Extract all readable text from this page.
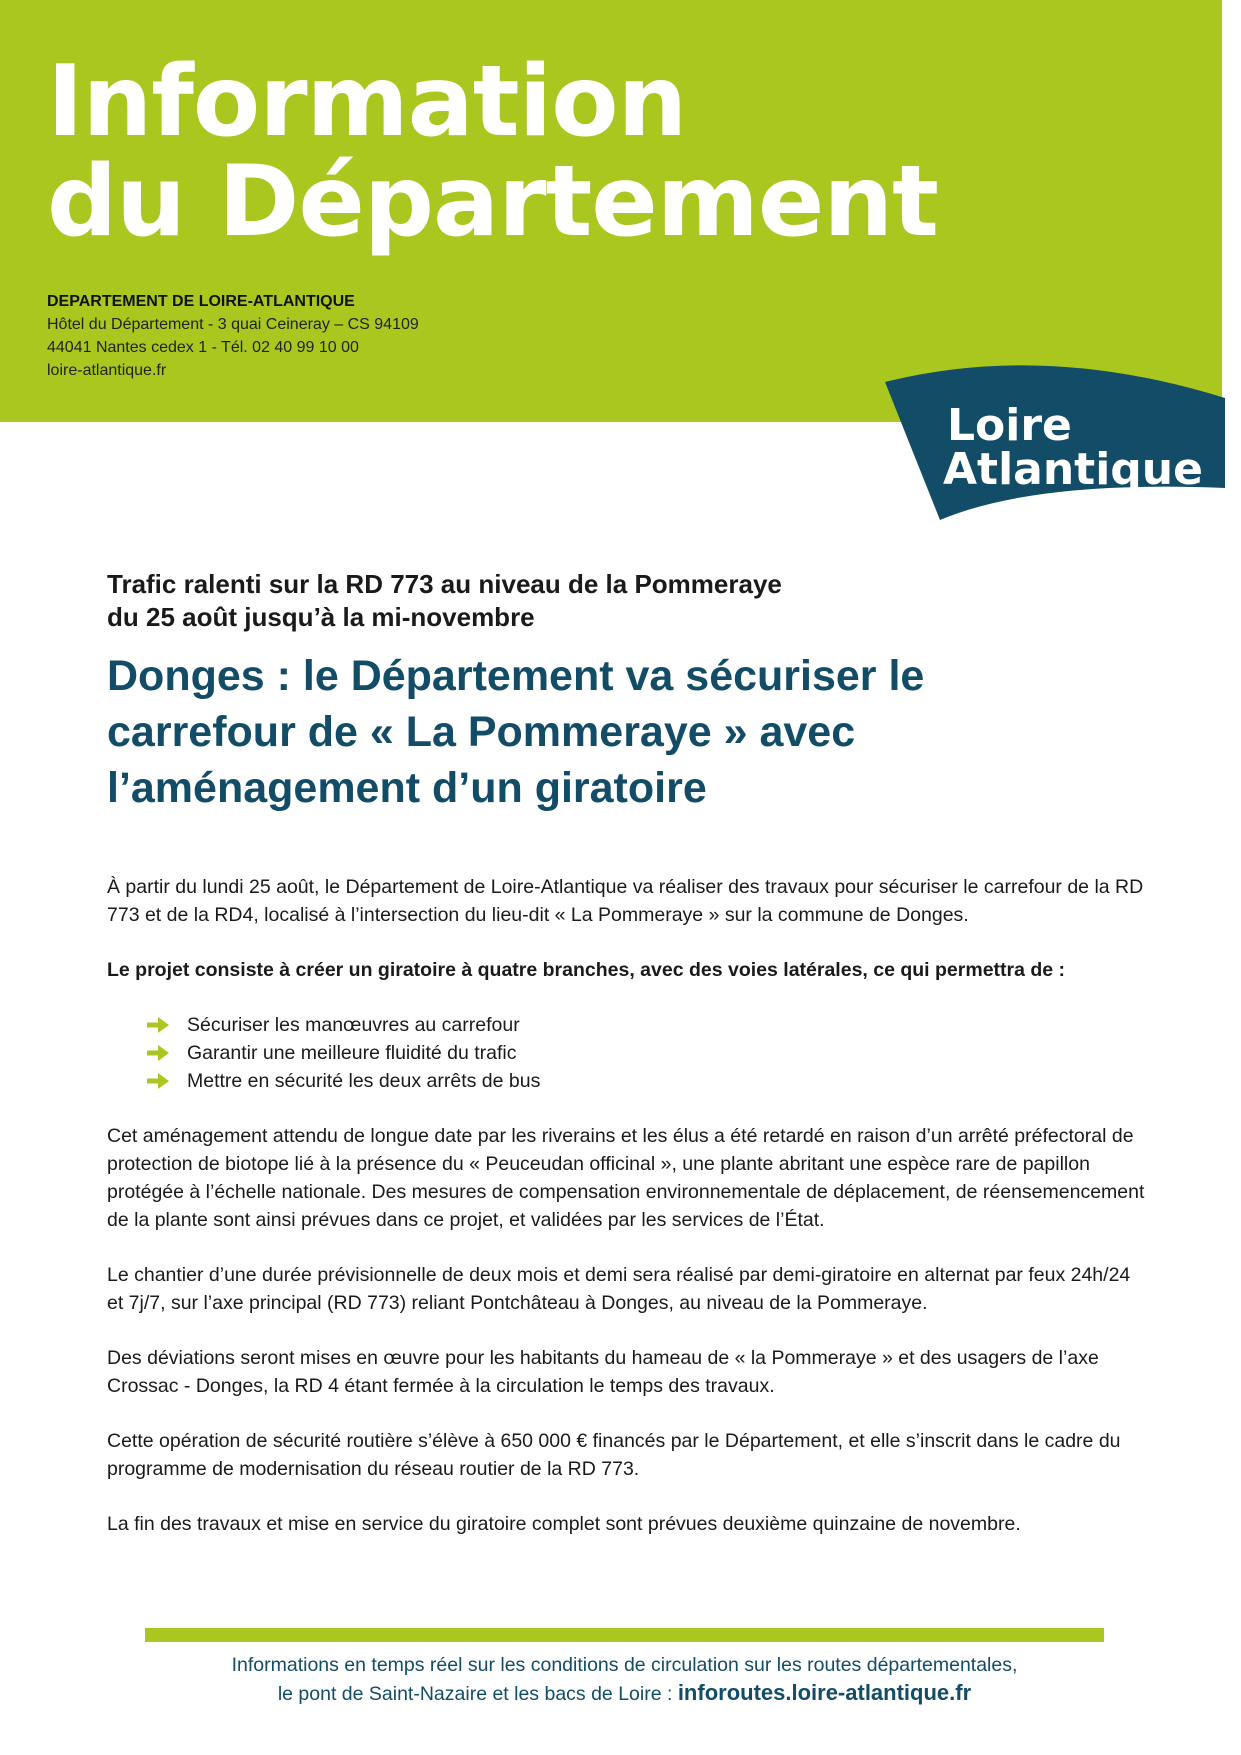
Information
du Département
DEPARTEMENT DE LOIRE-ATLANTIQUE
Hôtel du Département - 3 quai Ceineray – CS 94109
44041 Nantes cedex 1 - Tél. 02 40 99 10 00
loire-atlantique.fr
Loire
Atlantique

Trafic ralenti sur la RD 773 au niveau de la Pommeraye
du 25 août jusqu’à la mi-novembre

Donges : le Département va sécuriser le
carrefour de « La Pommeraye » avec
l’aménagement d’un giratoire

À partir du lundi 25 août, le Département de Loire-Atlantique va réaliser des travaux pour sécuriser le carrefour de la RD 773 et de la RD4, localisé à l’intersection du lieu-dit « La Pommeraye » sur la commune de Donges.

Le projet consiste à créer un giratoire à quatre branches, avec des voies latérales, ce qui permettra de :

Sécuriser les manœuvres au carrefour
Garantir une meilleure fluidité du trafic
Mettre en sécurité les deux arrêts de bus

Cet aménagement attendu de longue date par les riverains et les élus a été retardé en raison d’un arrêté préfectoral de protection de biotope lié à la présence du « Peuceudan officinal », une plante abritant une espèce rare de papillon protégée à l’échelle nationale. Des mesures de compensation environnementale de déplacement, de réensemencement de la plante sont ainsi prévues dans ce projet, et validées par les services de l’État.

Le chantier d’une durée prévisionnelle de deux mois et demi sera réalisé par demi-giratoire en alternat par feux 24h/24 et 7j/7, sur l’axe principal (RD 773) reliant Pontchâteau à Donges, au niveau de la Pommeraye.

Des déviations seront mises en œuvre pour les habitants du hameau de « la Pommeraye » et des usagers de l’axe Crossac - Donges, la RD 4 étant fermée à la circulation le temps des travaux.

Cette opération de sécurité routière s’élève à 650 000 € financés par le Département, et elle s’inscrit dans le cadre du programme de modernisation du réseau routier de la RD 773.

La fin des travaux et mise en service du giratoire complet sont prévues deuxième quinzaine de novembre.

Informations en temps réel sur les conditions de circulation sur les routes départementales,
le pont de Saint-Nazaire et les bacs de Loire : inforoutes.loire-atlantique.fr
